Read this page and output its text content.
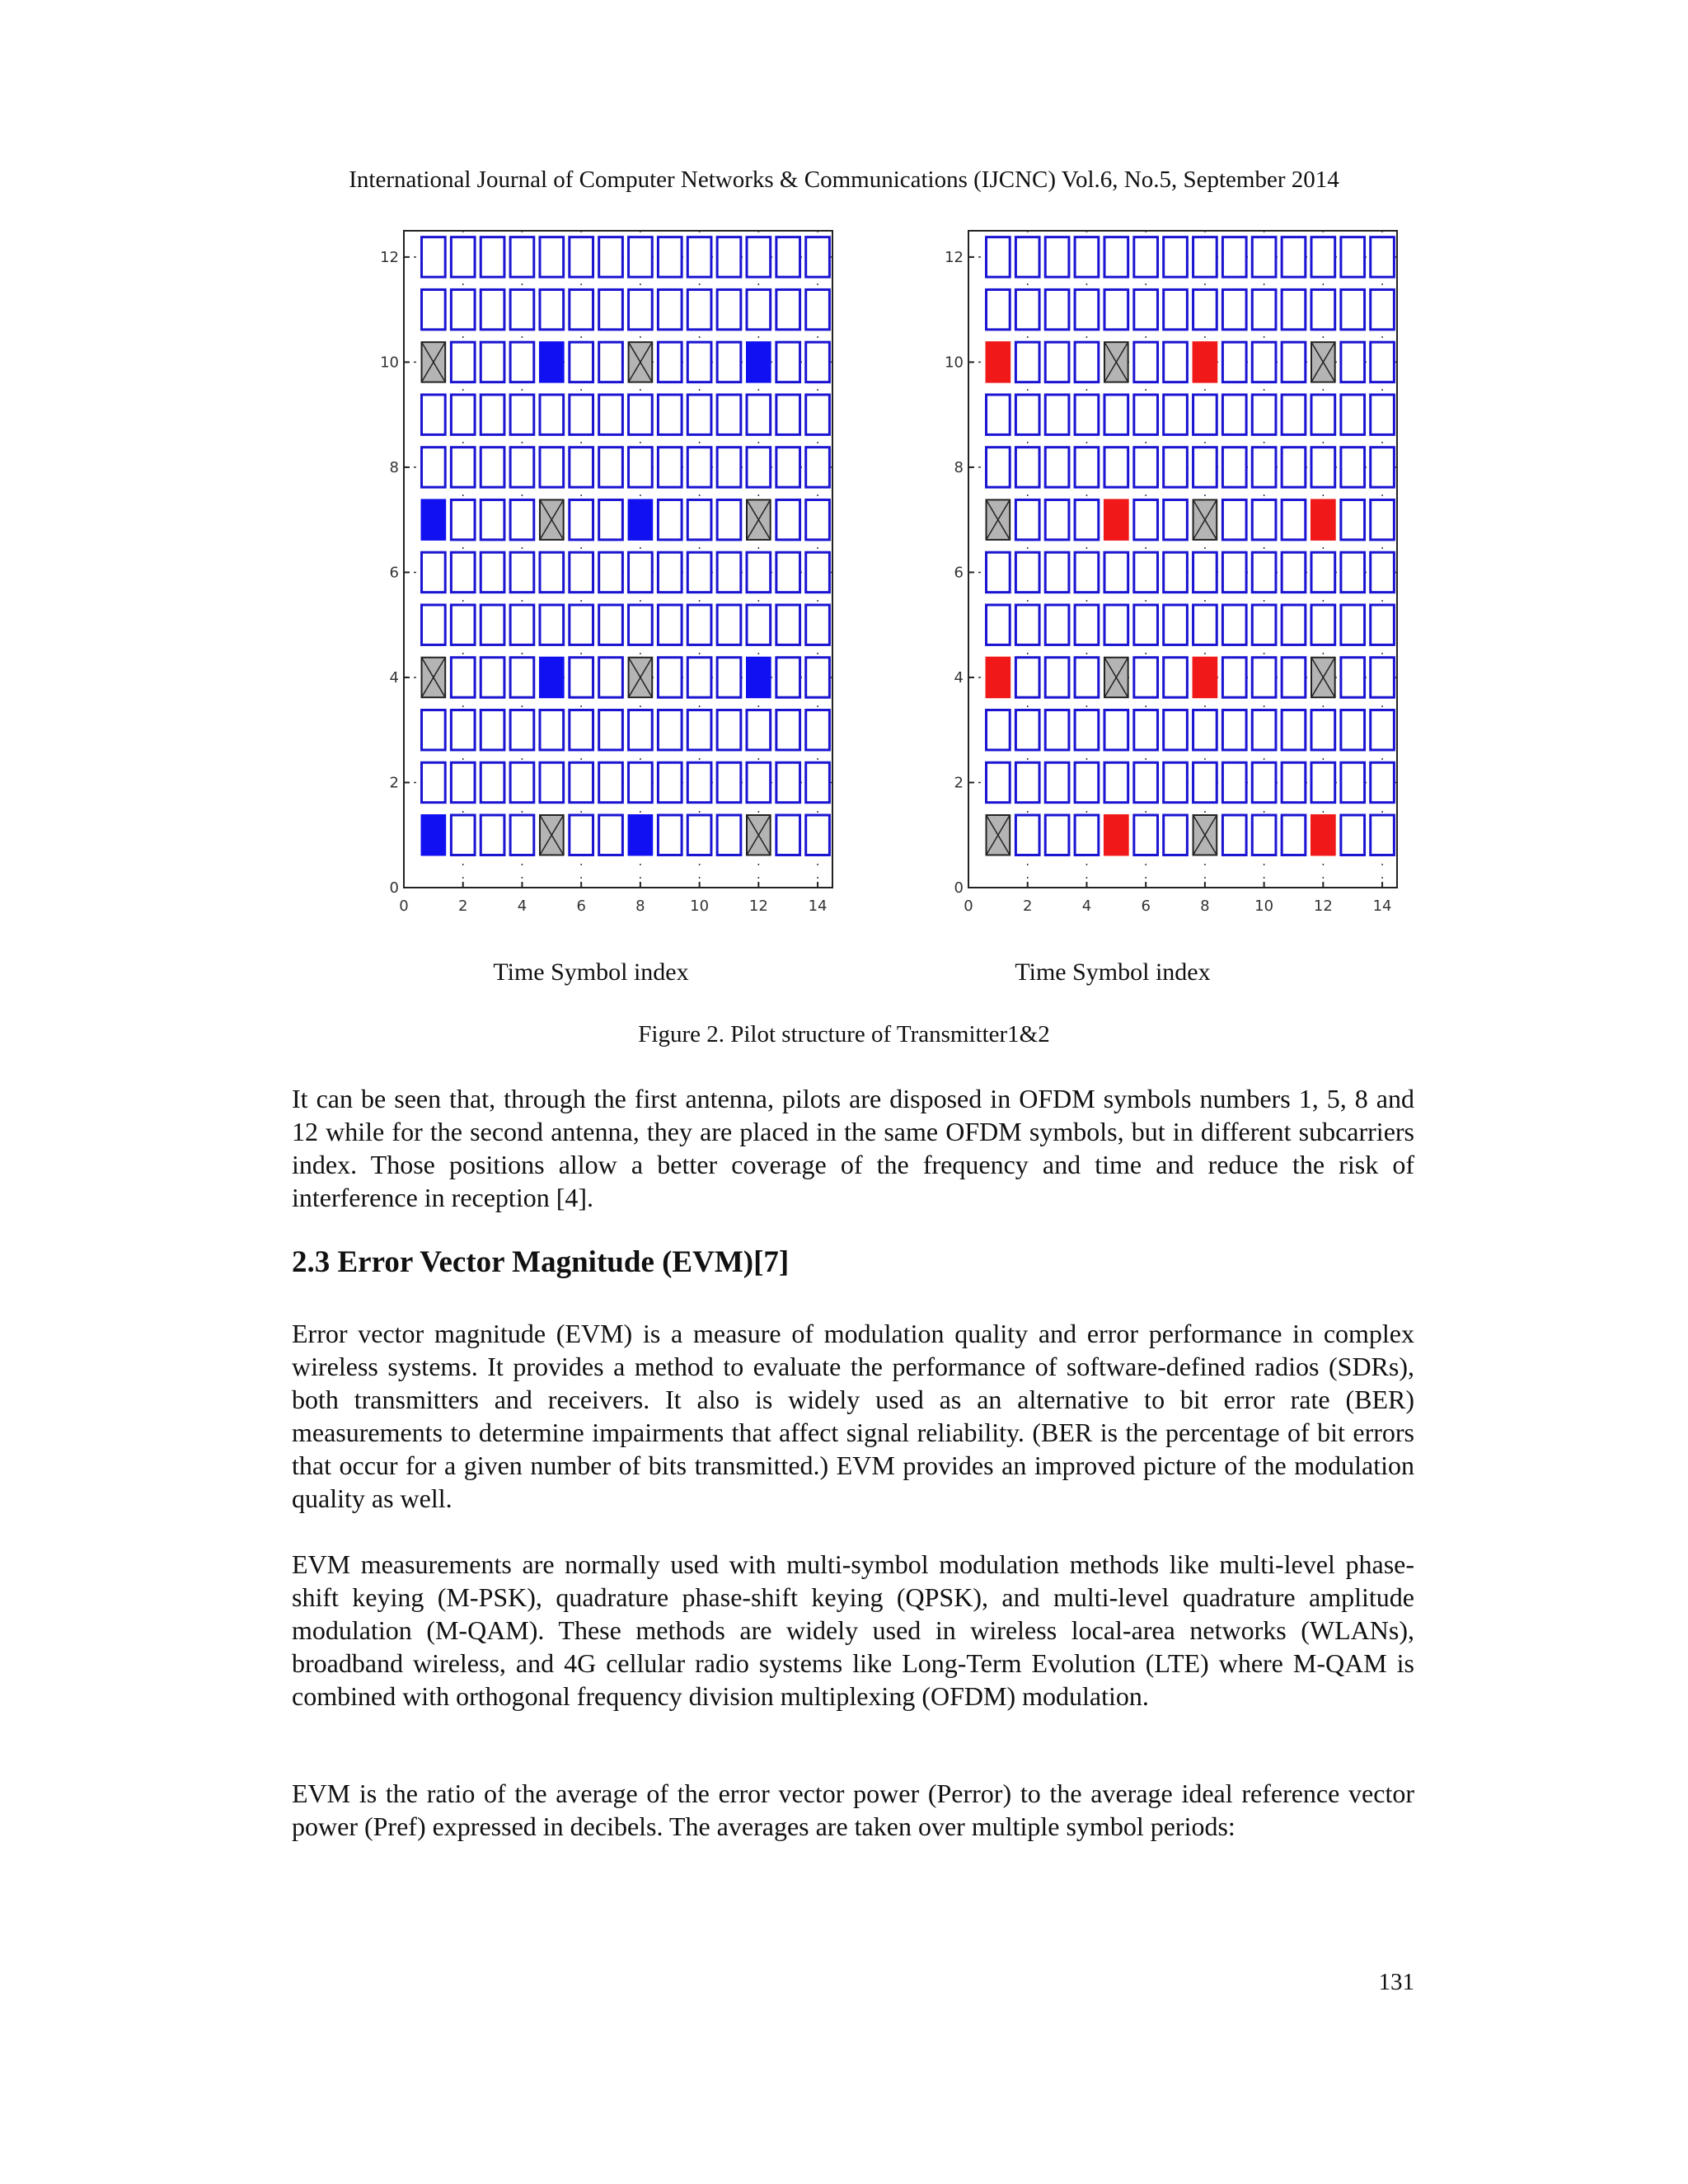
International Journal of Computer Networks & Communications (IJCNC) Vol.6, No.5, September 2014
0
2
4
6
8
10
12
0	2	4	6	8	10	12	14
0
2
4
6
8
10
12
0	2	4	6	8	10	12	14
Time Symbol index	Time Symbol index
Figure 2. Pilot structure of Transmitter1&2

It can be seen that, through the first antenna, pilots are disposed in OFDM symbols numbers 1, 5, 8 and 12 while for the second antenna, they are placed in the same OFDM symbols, but in different subcarriers index. Those positions allow a better coverage of the frequency and time and reduce the risk of interference in reception [4].

2.3 Error Vector Magnitude (EVM)[7]

Error vector magnitude (EVM) is a measure of modulation quality and error performance in complex wireless systems. It provides a method to evaluate the performance of software-defined radios (SDRs), both transmitters and receivers. It also is widely used as an alternative to bit error rate (BER) measurements to determine impairments that affect signal reliability. (BER is the percentage of bit errors that occur for a given number of bits transmitted.) EVM provides an improved picture of the modulation quality as well.

EVM measurements are normally used with multi-symbol modulation methods like multi-level phase-shift keying (M-PSK), quadrature phase-shift keying (QPSK), and multi-level quadrature amplitude modulation (M-QAM). These methods are widely used in wireless local-area networks (WLANs), broadband wireless, and 4G cellular radio systems like Long-Term Evolution (LTE) where M-QAM is combined with orthogonal frequency division multiplexing (OFDM) modulation.

EVM is the ratio of the average of the error vector power (Perror) to the average ideal reference vector power (Pref) expressed in decibels. The averages are taken over multiple symbol periods:

131
